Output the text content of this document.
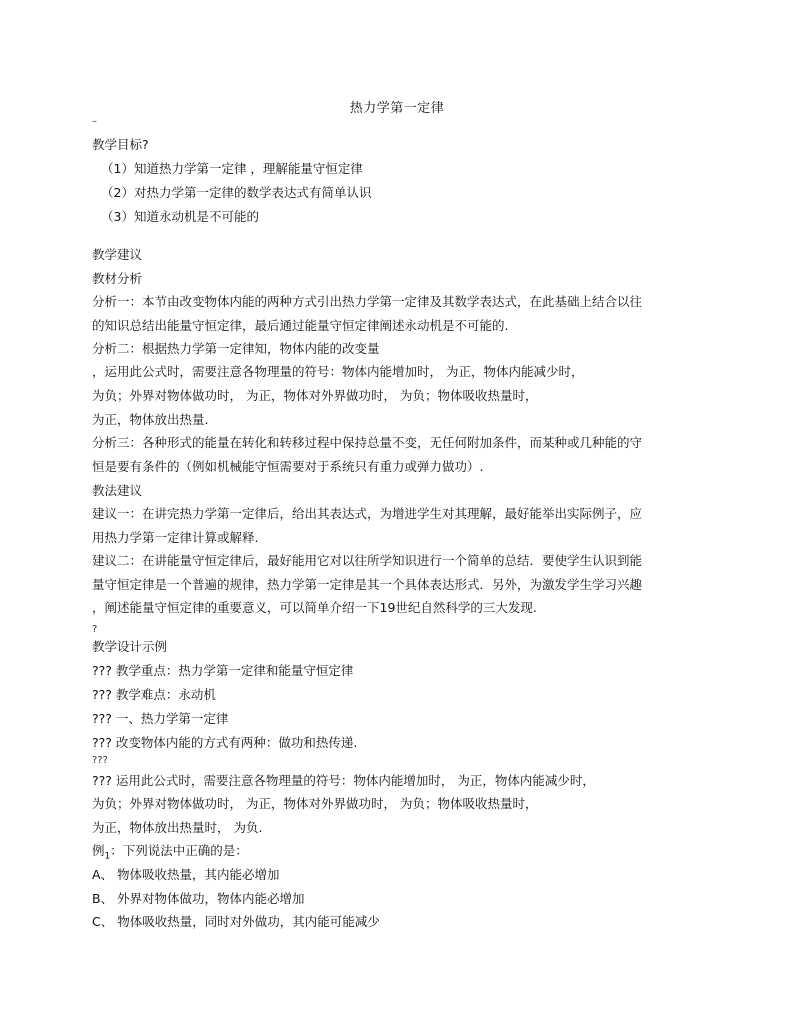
热力学第一定律
–
教学目标?
（1）知道热力学第一定律 ，理解能量守恒定律
（2）对热力学第一定律的数学表达式有简单认识
（3）知道永动机是不可能的
教学建议
教材分析
分析一：本节由改变物体内能的两种方式引出热力学第一定律及其数学表达式，在此基础上结合以往
的知识总结出能量守恒定律，最后通过能量守恒定律阐述永动机是不可能的.
分析二：根据热力学第一定律知，物体内能的改变量
，运用此公式时，需要注意各物理量的符号：物体内能增加时， 为正，物体内能减少时，
为负；外界对物体做功时， 为正，物体对外界做功时， 为负；物体吸收热量时，
为正，物体放出热量.
分析三：各种形式的能量在转化和转移过程中保持总量不变，无任何附加条件，而某种或几种能的守
恒是要有条件的（例如机械能守恒需要对于系统只有重力或弹力做功）.
教法建议
建议一：在讲完热力学第一定律后，给出其表达式，为增进学生对其理解，最好能举出实际例子，应
用热力学第一定律计算或解释.
建议二：在讲能量守恒定律后，最好能用它对以往所学知识进行一个简单的总结．要使学生认识到能
量守恒定律是一个普遍的规律，热力学第一定律是其一个具体表达形式．另外，为激发学生学习兴趣
，阐述能量守恒定律的重要意义，可以简单介绍一下19世纪自然科学的三大发现.
?
教学设计示例
??? 教学重点：热力学第一定律和能量守恒定律
??? 教学难点：永动机
??? 一、热力学第一定律
??? 改变物体内能的方式有两种：做功和热传递.
???
??? 运用此公式时，需要注意各物理量的符号：物体内能增加时， 为正，物体内能减少时，
为负；外界对物体做功时， 为正，物体对外界做功时， 为负；物体吸收热量时，
为正，物体放出热量时， 为负.
例$_1$：下列说法中正确的是：
A、 物体吸收热量，其内能必增加
B、 外界对物体做功，物体内能必增加
C、 物体吸收热量，同时对外做功，其内能可能减少
